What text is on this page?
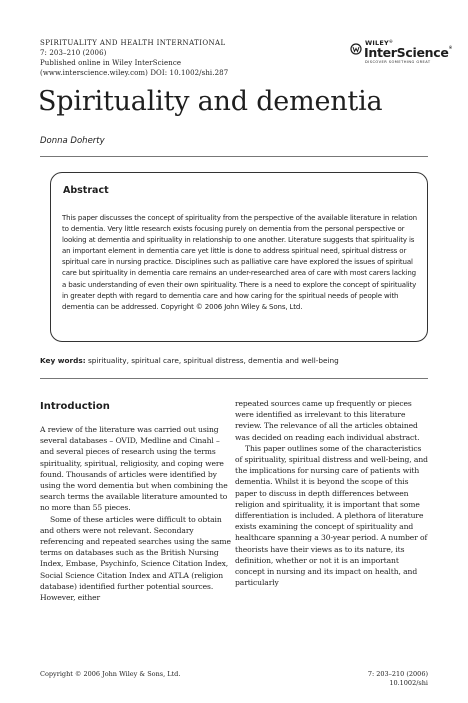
SPIRITUALITY AND HEALTH INTERNATIONAL
7: 203–210 (2006)
Published online in Wiley InterScience
(www.interscience.wiley.com) DOI: 10.1002/shi.287
WILEY®
InterScience®
DISCOVER SOMETHING GREAT
Spirituality and dementia
Donna Doherty
Abstract

This paper discusses the concept of spirituality from the perspective of the available literature in relation to dementia. Very little research exists focusing purely on dementia from the personal perspective or looking at dementia and spirituality in relationship to one another. Literature suggests that spirituality is an important element in dementia care yet little is done to address spiritual need, spiritual distress or spiritual care in nursing practice. Disciplines such as palliative care have explored the issues of spiritual care but spirituality in dementia care remains an under-researched area of care with most carers lacking a basic understanding of even their own spirituality. There is a need to explore the concept of spirituality in greater depth with regard to dementia care and how caring for the spiritual needs of people with dementia can be addressed. Copyright © 2006 John Wiley & Sons, Ltd.

Key words: spirituality, spiritual care, spiritual distress, dementia and well-being
Introduction

A review of the literature was carried out using several databases – OVID, Medline and Cinahl – and several pieces of research using the terms spirituality, spiritual, religiosity, and coping were found. Thousands of articles were identified by using the word dementia but when combining the search terms the available literature amounted to no more than 55 pieces.

Some of these articles were difficult to obtain and others were not relevant. Secondary referencing and repeated searches using the same terms on databases such as the British Nursing Index, Embase, Psychinfo, Science Citation Index, Social Science Citation Index and ATLA (religion database) identified further potential sources. However, either

repeated sources came up frequently or pieces were identified as irrelevant to this literature review. The relevance of all the articles obtained was decided on reading each individual abstract.

This paper outlines some of the characteristics of spirituality, spiritual distress and well-being, and the implications for nursing care of patients with dementia. Whilst it is beyond the scope of this paper to discuss in depth differences between religion and spirituality, it is important that some differentiation is included. A plethora of literature exists examining the concept of spirituality and healthcare spanning a 30-year period. A number of theorists have their views as to its nature, its definition, whether or not it is an important concept in nursing and its impact on health, and particularly

Copyright © 2006 John Wiley & Sons, Ltd.	7: 203–210 (2006)
10.1002/shi
